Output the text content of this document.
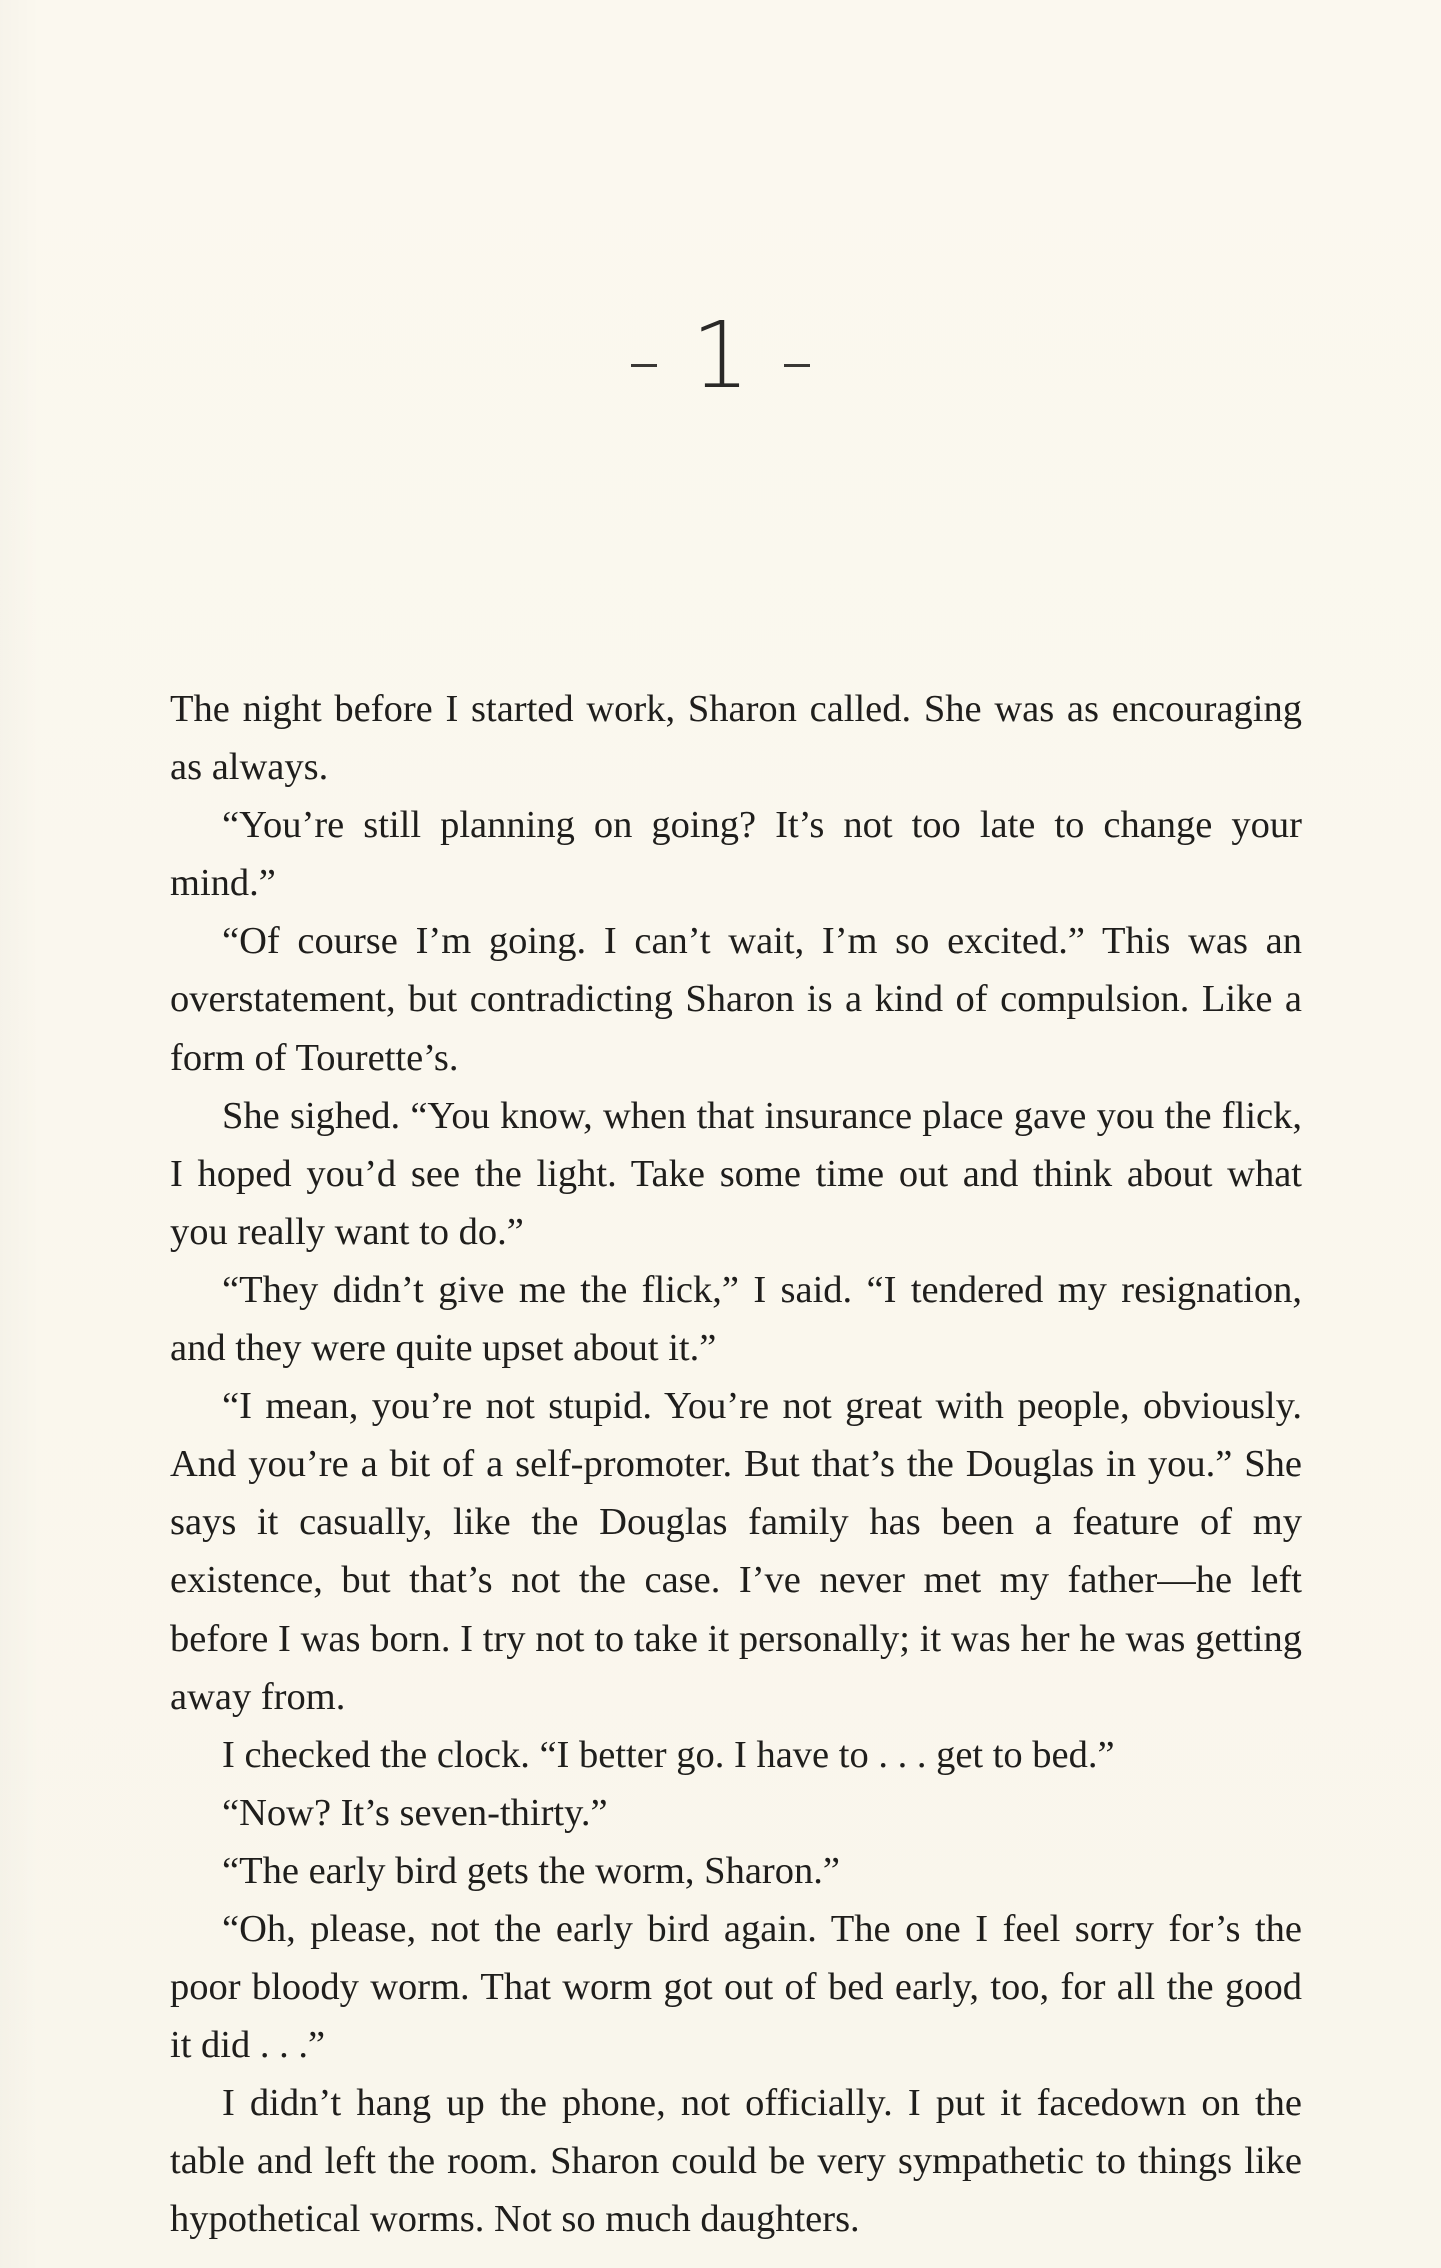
1

The night before I started work, Sharon called. She was as encouraging as always.

“You’re still planning on going? It’s not too late to change your mind.”

“Of course I’m going. I can’t wait, I’m so excited.” This was an overstatement, but contradicting Sharon is a kind of compulsion. Like a form of Tourette’s.

She sighed. “You know, when that insurance place gave you the flick, I hoped you’d see the light. Take some time out and think about what you really want to do.”

“They didn’t give me the flick,” I said. “I tendered my resignation, and they were quite upset about it.”

“I mean, you’re not stupid. You’re not great with people, obviously. And you’re a bit of a self-promoter. But that’s the Douglas in you.” She says it casually, like the Douglas family has been a feature of my existence, but that’s not the case. I’ve never met my father—he left before I was born. I try not to take it personally; it was her he was getting away from.

I checked the clock. “I better go. I have to . . . get to bed.”

“Now? It’s seven-thirty.”

“The early bird gets the worm, Sharon.”

“Oh, please, not the early bird again. The one I feel sorry for’s the poor bloody worm. That worm got out of bed early, too, for all the good it did . . .”

I didn’t hang up the phone, not officially. I put it facedown on the table and left the room. Sharon could be very sympathetic to things like hypothetical worms. Not so much daughters.
